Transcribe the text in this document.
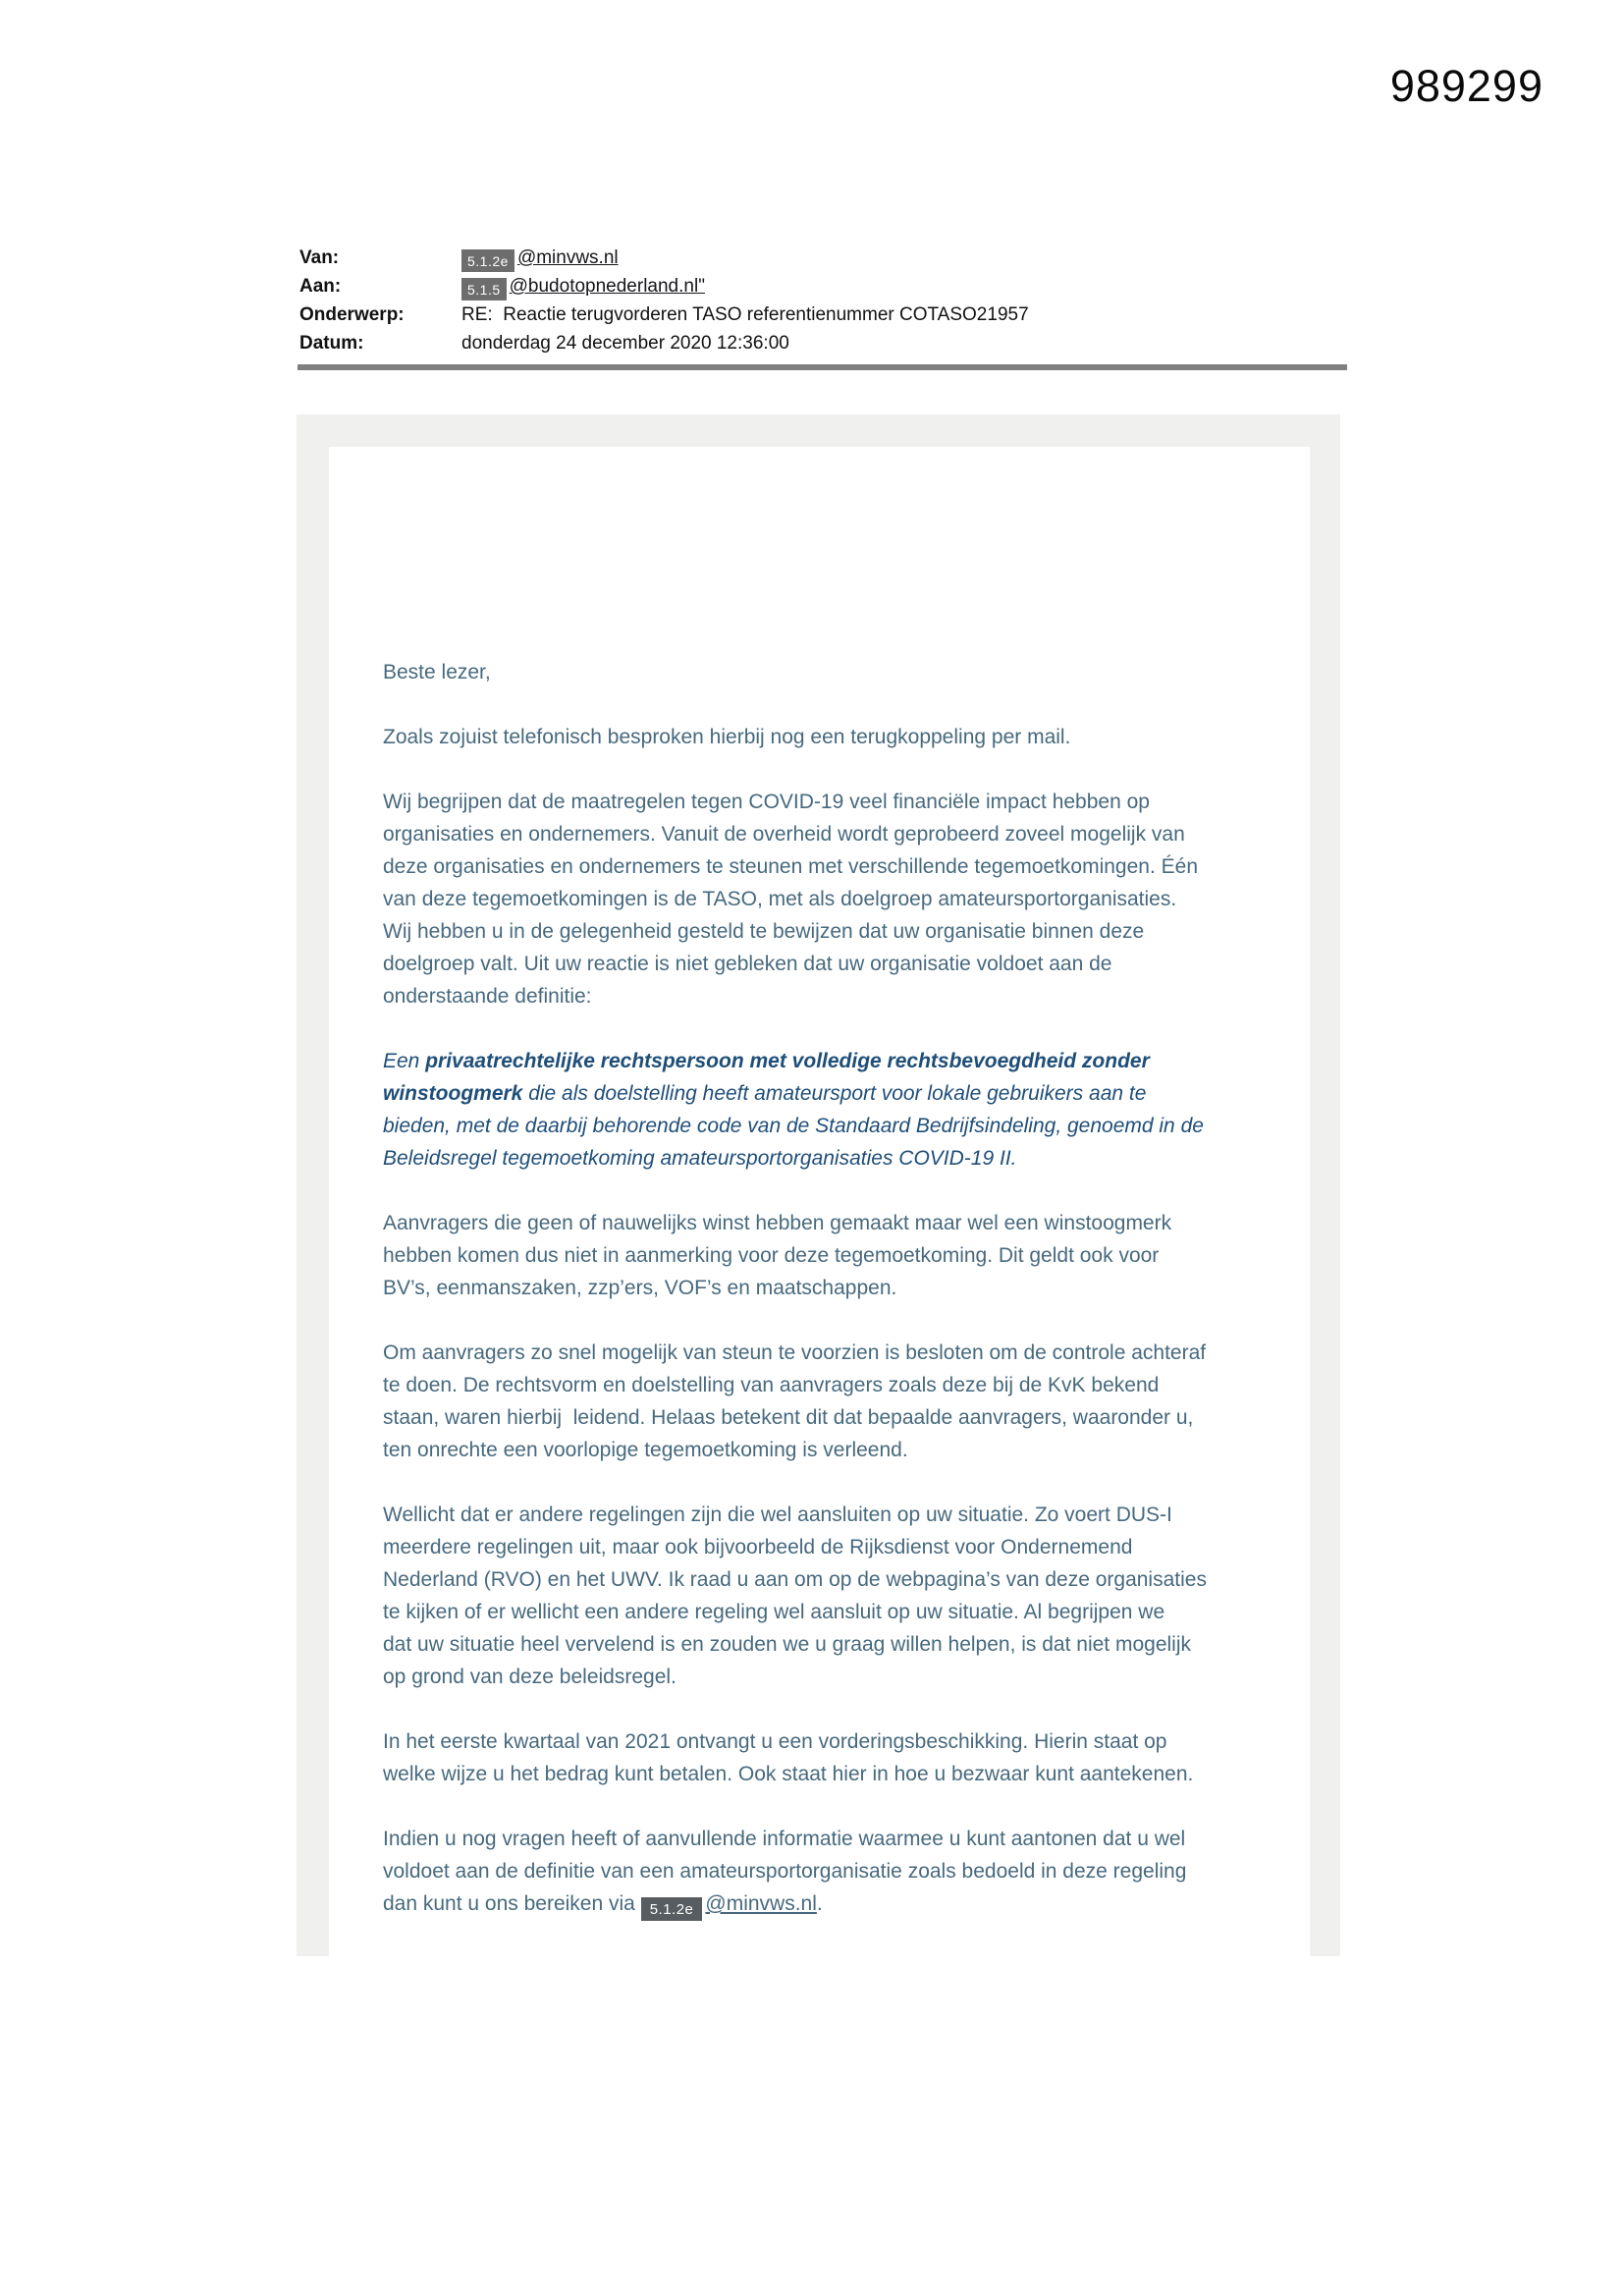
989299
Van:	5.1.2e @minvws.nl
Aan:	5.1.5 @budotopnederland.nl"
Onderwerp:	RE:  Reactie terugvorderen TASO referentienummer COTASO21957
Datum:	donderdag 24 december 2020 12:36:00
Beste lezer,
Zoals zojuist telefonisch besproken hierbij nog een terugkoppeling per mail.
Wij begrijpen dat de maatregelen tegen COVID-19 veel financiële impact hebben op
organisaties en ondernemers. Vanuit de overheid wordt geprobeerd zoveel mogelijk van
deze organisaties en ondernemers te steunen met verschillende tegemoetkomingen. Één
van deze tegemoetkomingen is de TASO, met als doelgroep amateursportorganisaties.
Wij hebben u in de gelegenheid gesteld te bewijzen dat uw organisatie binnen deze
doelgroep valt. Uit uw reactie is niet gebleken dat uw organisatie voldoet aan de
onderstaande definitie:
Een privaatrechtelijke rechtspersoon met volledige rechtsbevoegdheid zonder
winstoogmerk die als doelstelling heeft amateursport voor lokale gebruikers aan te
bieden, met de daarbij behorende code van de Standaard Bedrijfsindeling, genoemd in de
Beleidsregel tegemoetkoming amateursportorganisaties COVID-19 II.
Aanvragers die geen of nauwelijks winst hebben gemaakt maar wel een winstoogmerk
hebben komen dus niet in aanmerking voor deze tegemoetkoming. Dit geldt ook voor
BV’s, eenmanszaken, zzp’ers, VOF’s en maatschappen.
Om aanvragers zo snel mogelijk van steun te voorzien is besloten om de controle achteraf
te doen. De rechtsvorm en doelstelling van aanvragers zoals deze bij de KvK bekend
staan, waren hierbij  leidend. Helaas betekent dit dat bepaalde aanvragers, waaronder u,
ten onrechte een voorlopige tegemoetkoming is verleend.
Wellicht dat er andere regelingen zijn die wel aansluiten op uw situatie. Zo voert DUS-I
meerdere regelingen uit, maar ook bijvoorbeeld de Rijksdienst voor Ondernemend
Nederland (RVO) en het UWV. Ik raad u aan om op de webpagina’s van deze organisaties
te kijken of er wellicht een andere regeling wel aansluit op uw situatie. Al begrijpen we
dat uw situatie heel vervelend is en zouden we u graag willen helpen, is dat niet mogelijk
op grond van deze beleidsregel.
In het eerste kwartaal van 2021 ontvangt u een vorderingsbeschikking. Hierin staat op
welke wijze u het bedrag kunt betalen. Ook staat hier in hoe u bezwaar kunt aantekenen.
Indien u nog vragen heeft of aanvullende informatie waarmee u kunt aantonen dat u wel
voldoet aan de definitie van een amateursportorganisatie zoals bedoeld in deze regeling
dan kunt u ons bereiken via 5.1.2e @minvws.nl.
